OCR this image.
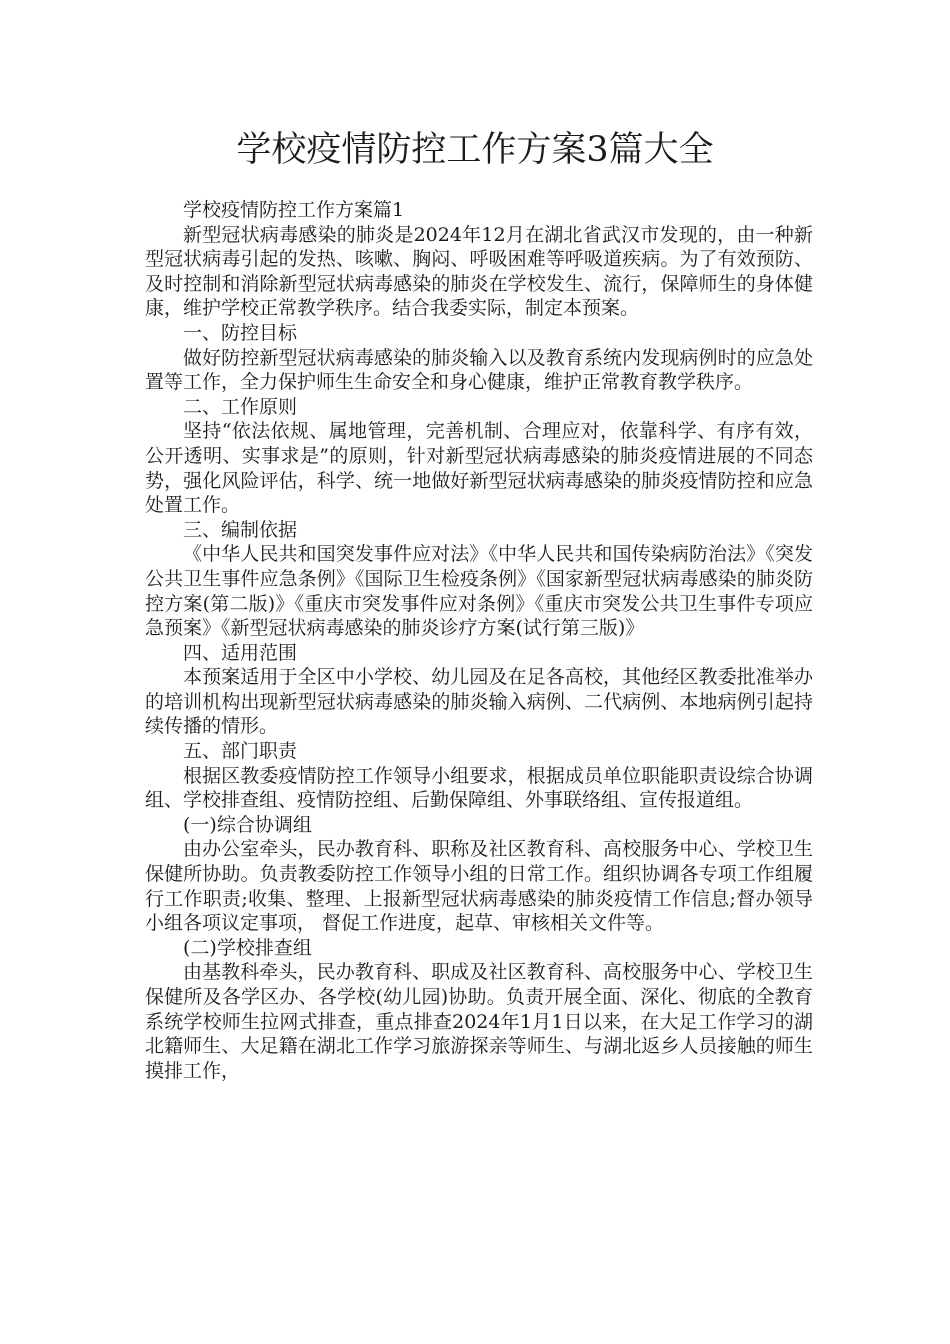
学校疫情防控工作方案3篇大全

学校疫情防控工作方案篇1

新型冠状病毒感染的肺炎是2024年12月在湖北省武汉市发现的，由一种新型冠状病毒引起的发热、咳嗽、胸闷、呼吸困难等呼吸道疾病。为了有效预防、及时控制和消除新型冠状病毒感染的肺炎在学校发生、流行，保障师生的身体健康，维护学校正常教学秩序。结合我委实际，制定本预案。

一、防控目标

做好防控新型冠状病毒感染的肺炎输入以及教育系统内发现病例时的应急处置等工作，全力保护师生生命安全和身心健康，维护正常教育教学秩序。

二、工作原则

坚持“依法依规、属地管理，完善机制、合理应对，依靠科学、有序有效，公开透明、实事求是”的原则，针对新型冠状病毒感染的肺炎疫情进展的不同态势，强化风险评估，科学、统一地做好新型冠状病毒感染的肺炎疫情防控和应急处置工作。

三、编制依据

《中华人民共和国突发事件应对法》《中华人民共和国传染病防治法》《突发公共卫生事件应急条例》《国际卫生检疫条例》《国家新型冠状病毒感染的肺炎防控方案(第二版)》《重庆市突发事件应对条例》《重庆市突发公共卫生事件专项应急预案》《新型冠状病毒感染的肺炎诊疗方案(试行第三版)》

四、适用范围

本预案适用于全区中小学校、幼儿园及在足各高校，其他经区教委批准举办的培训机构出现新型冠状病毒感染的肺炎输入病例、二代病例、本地病例引起持续传播的情形。

五、部门职责

根据区教委疫情防控工作领导小组要求，根据成员单位职能职责设综合协调组、学校排查组、疫情防控组、后勤保障组、外事联络组、宣传报道组。

(一)综合协调组

由办公室牵头，民办教育科、职称及社区教育科、高校服务中心、学校卫生保健所协助。负责教委防控工作领导小组的日常工作。组织协调各专项工作组履行工作职责;收集、整理、上报新型冠状病毒感染的肺炎疫情工作信息;督办领导小组各项议定事项， 督促工作进度，起草、审核相关文件等。

(二)学校排查组

由基教科牵头，民办教育科、职成及社区教育科、高校服务中心、学校卫生保健所及各学区办、各学校(幼儿园)协助。负责开展全面、深化、彻底的全教育系统学校师生拉网式排查，重点排查2024年1月1日以来，在大足工作学习的湖北籍师生、大足籍在湖北工作学习旅游探亲等师生、与湖北返乡人员接触的师生摸排工作，
